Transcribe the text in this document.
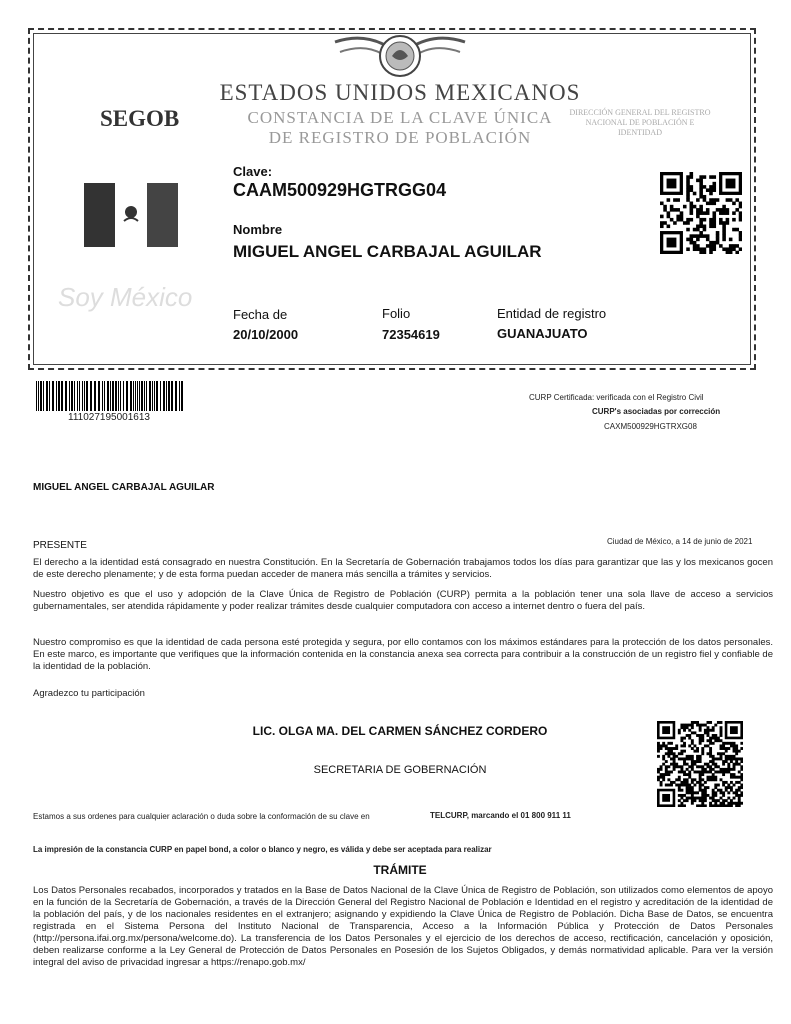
ESTADOS UNIDOS MEXICANOS
CONSTANCIA DE LA CLAVE ÚNICA
DE REGISTRO DE POBLACIÓN
SEGOB	DIRECCIÓN GENERAL DEL REGISTRO NACIONAL DE POBLACIÓN E IDENTIDAD
Soy México
Clave:
CAAM500929HGTRGG04
Nombre
MIGUEL ANGEL CARBAJAL AGUILAR
Fecha de
20/10/2000
Folio
72354619
Entidad de registro
GUANAJUATO
111027195001613
CURP Certificada: verificada con el Registro Civil
CURP's asociadas por corrección
CAXM500929HGTRXG08
MIGUEL ANGEL CARBAJAL AGUILAR
PRESENTE	Ciudad de México, a 14 de junio de 2021
El derecho a la identidad está consagrado en nuestra Constitución. En la Secretaría de Gobernación trabajamos todos los días para garantizar que las y los mexicanos gocen de este derecho plenamente; y de esta forma puedan acceder de manera más sencilla a trámites y servicios.
Nuestro objetivo es que el uso y adopción de la Clave Única de Registro de Población (CURP) permita a la población tener una sola llave de acceso a servicios gubernamentales, ser atendida rápidamente y poder realizar trámites desde cualquier computadora con acceso a internet dentro o fuera del país.
Nuestro compromiso es que la identidad de cada persona esté protegida y segura, por ello contamos con los máximos estándares para la protección de los datos personales. En este marco, es importante que verifiques que la información contenida en la constancia anexa sea correcta para contribuir a la construcción de un registro fiel y confiable de la identidad de la población.
Agradezco tu participación
LIC. OLGA MA. DEL CARMEN SÁNCHEZ CORDERO
SECRETARIA DE GOBERNACIÓN
Estamos a sus ordenes para cualquier aclaración o duda sobre la conformación de su clave en	TELCURP, marcando el 01 800 911 11
La impresión de la constancia CURP en papel bond, a color o blanco y negro, es válida y debe ser aceptada para realizar
TRÁMITE
Los Datos Personales recabados, incorporados y tratados en la Base de Datos Nacional de la Clave Única de Registro de Población, son utilizados como elementos de apoyo en la función de la Secretaría de Gobernación, a través de la Dirección General del Registro Nacional de Población e Identidad en el registro y acreditación de la identidad de la población del país, y de los nacionales residentes en el extranjero; asignando y expidiendo la Clave Única de Registro de Población. Dicha Base de Datos, se encuentra registrada en el Sistema Persona del Instituto Nacional de Transparencia, Acceso a la Información Pública y Protección de Datos Personales (http://persona.ifai.org.mx/persona/welcome.do). La transferencia de los Datos Personales y el ejercicio de los derechos de acceso, rectificación, cancelación y oposición, deben realizarse conforme a la Ley General de Protección de Datos Personales en Posesión de los Sujetos Obligados, y demás normatividad aplicable. Para ver la versión integral del aviso de privacidad ingresar a https://renapo.gob.mx/
